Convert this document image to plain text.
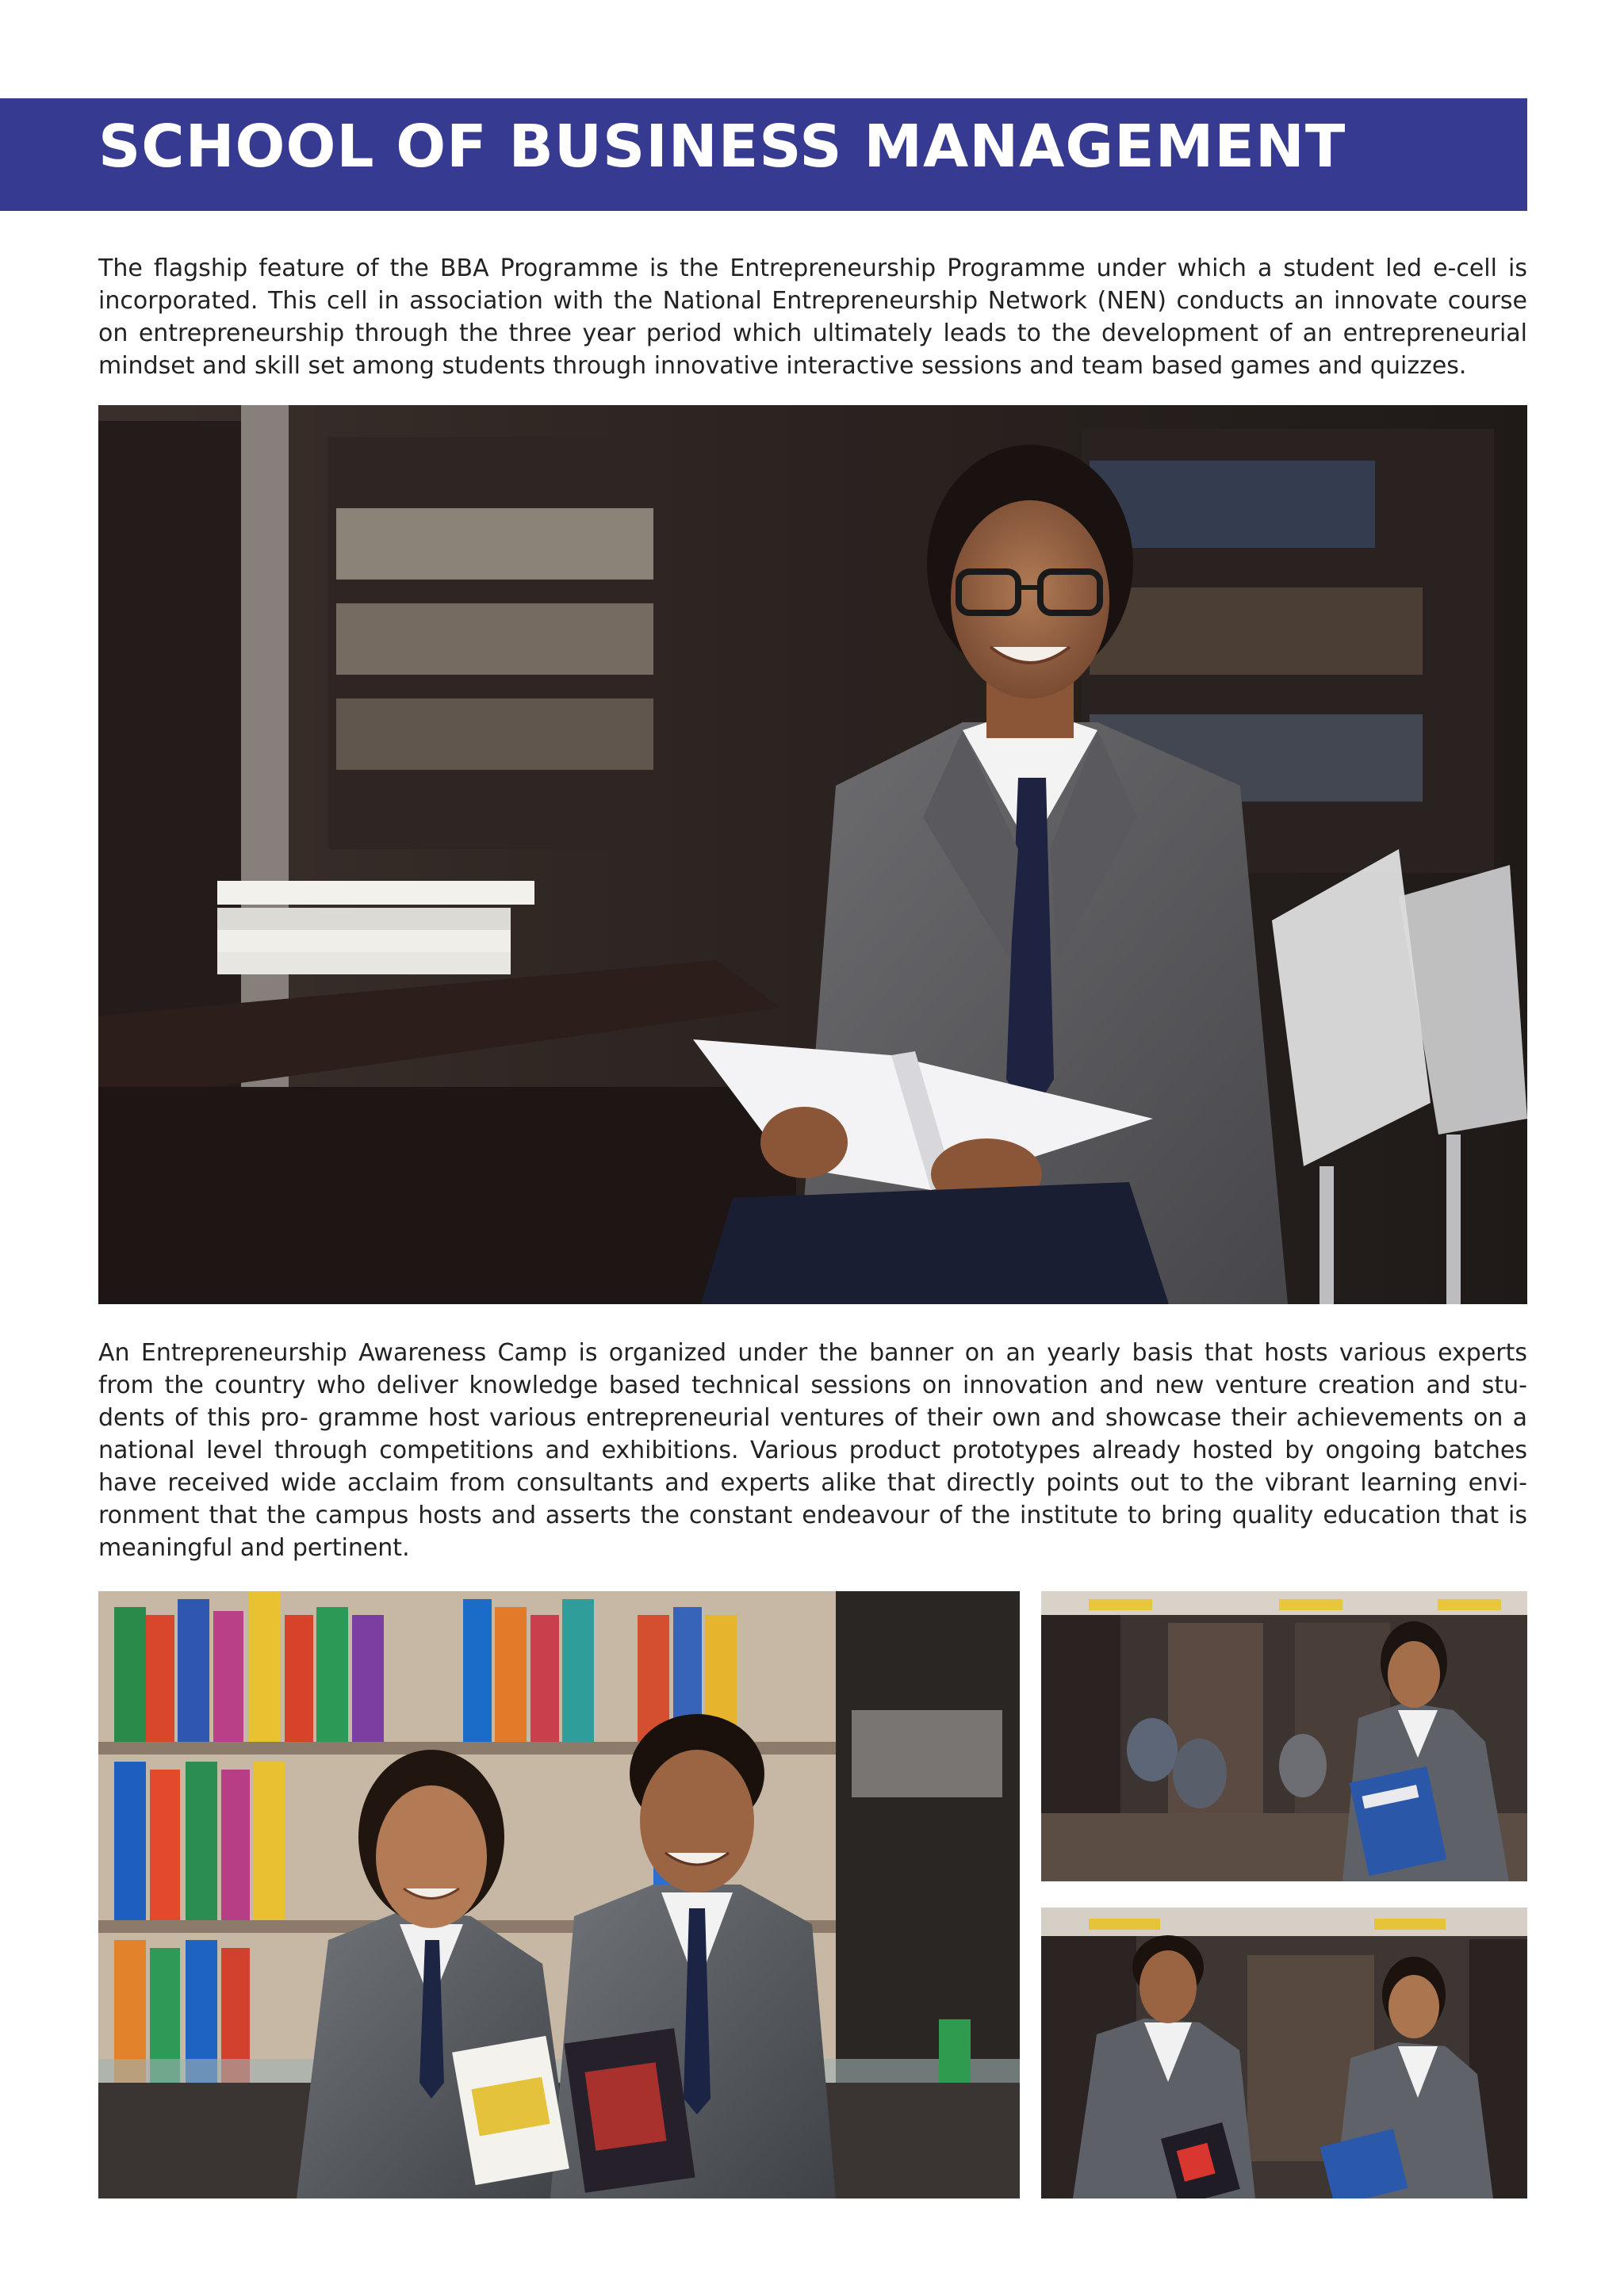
SCHOOL OF BUSINESS MANAGEMENT

The flagship feature of the BBA Programme is the Entrepreneurship Programme under which a student led e-cell is incorporated. This cell in association with the National Entrepreneurship Network (NEN) conducts an innovate course on entrepreneurship through the three year period which ultimately leads to the development of an entrepreneurial mindset and skill set among students through innovative interactive sessions and team based games and quizzes.

An Entrepreneurship Awareness Camp is organized under the banner on an yearly basis that hosts various experts from the country who deliver knowledge based technical sessions on innovation and new venture creation and stu- dents of this pro- gramme host various entrepreneurial ventures of their own and showcase their achievements on a national level through competitions and exhibitions. Various product prototypes already hosted by ongoing batches have received wide acclaim from consultants and experts alike that directly points out to the vibrant learning envi- ronment that the campus hosts and asserts the constant endeavour of the institute to bring quality education that is meaningful and pertinent.
